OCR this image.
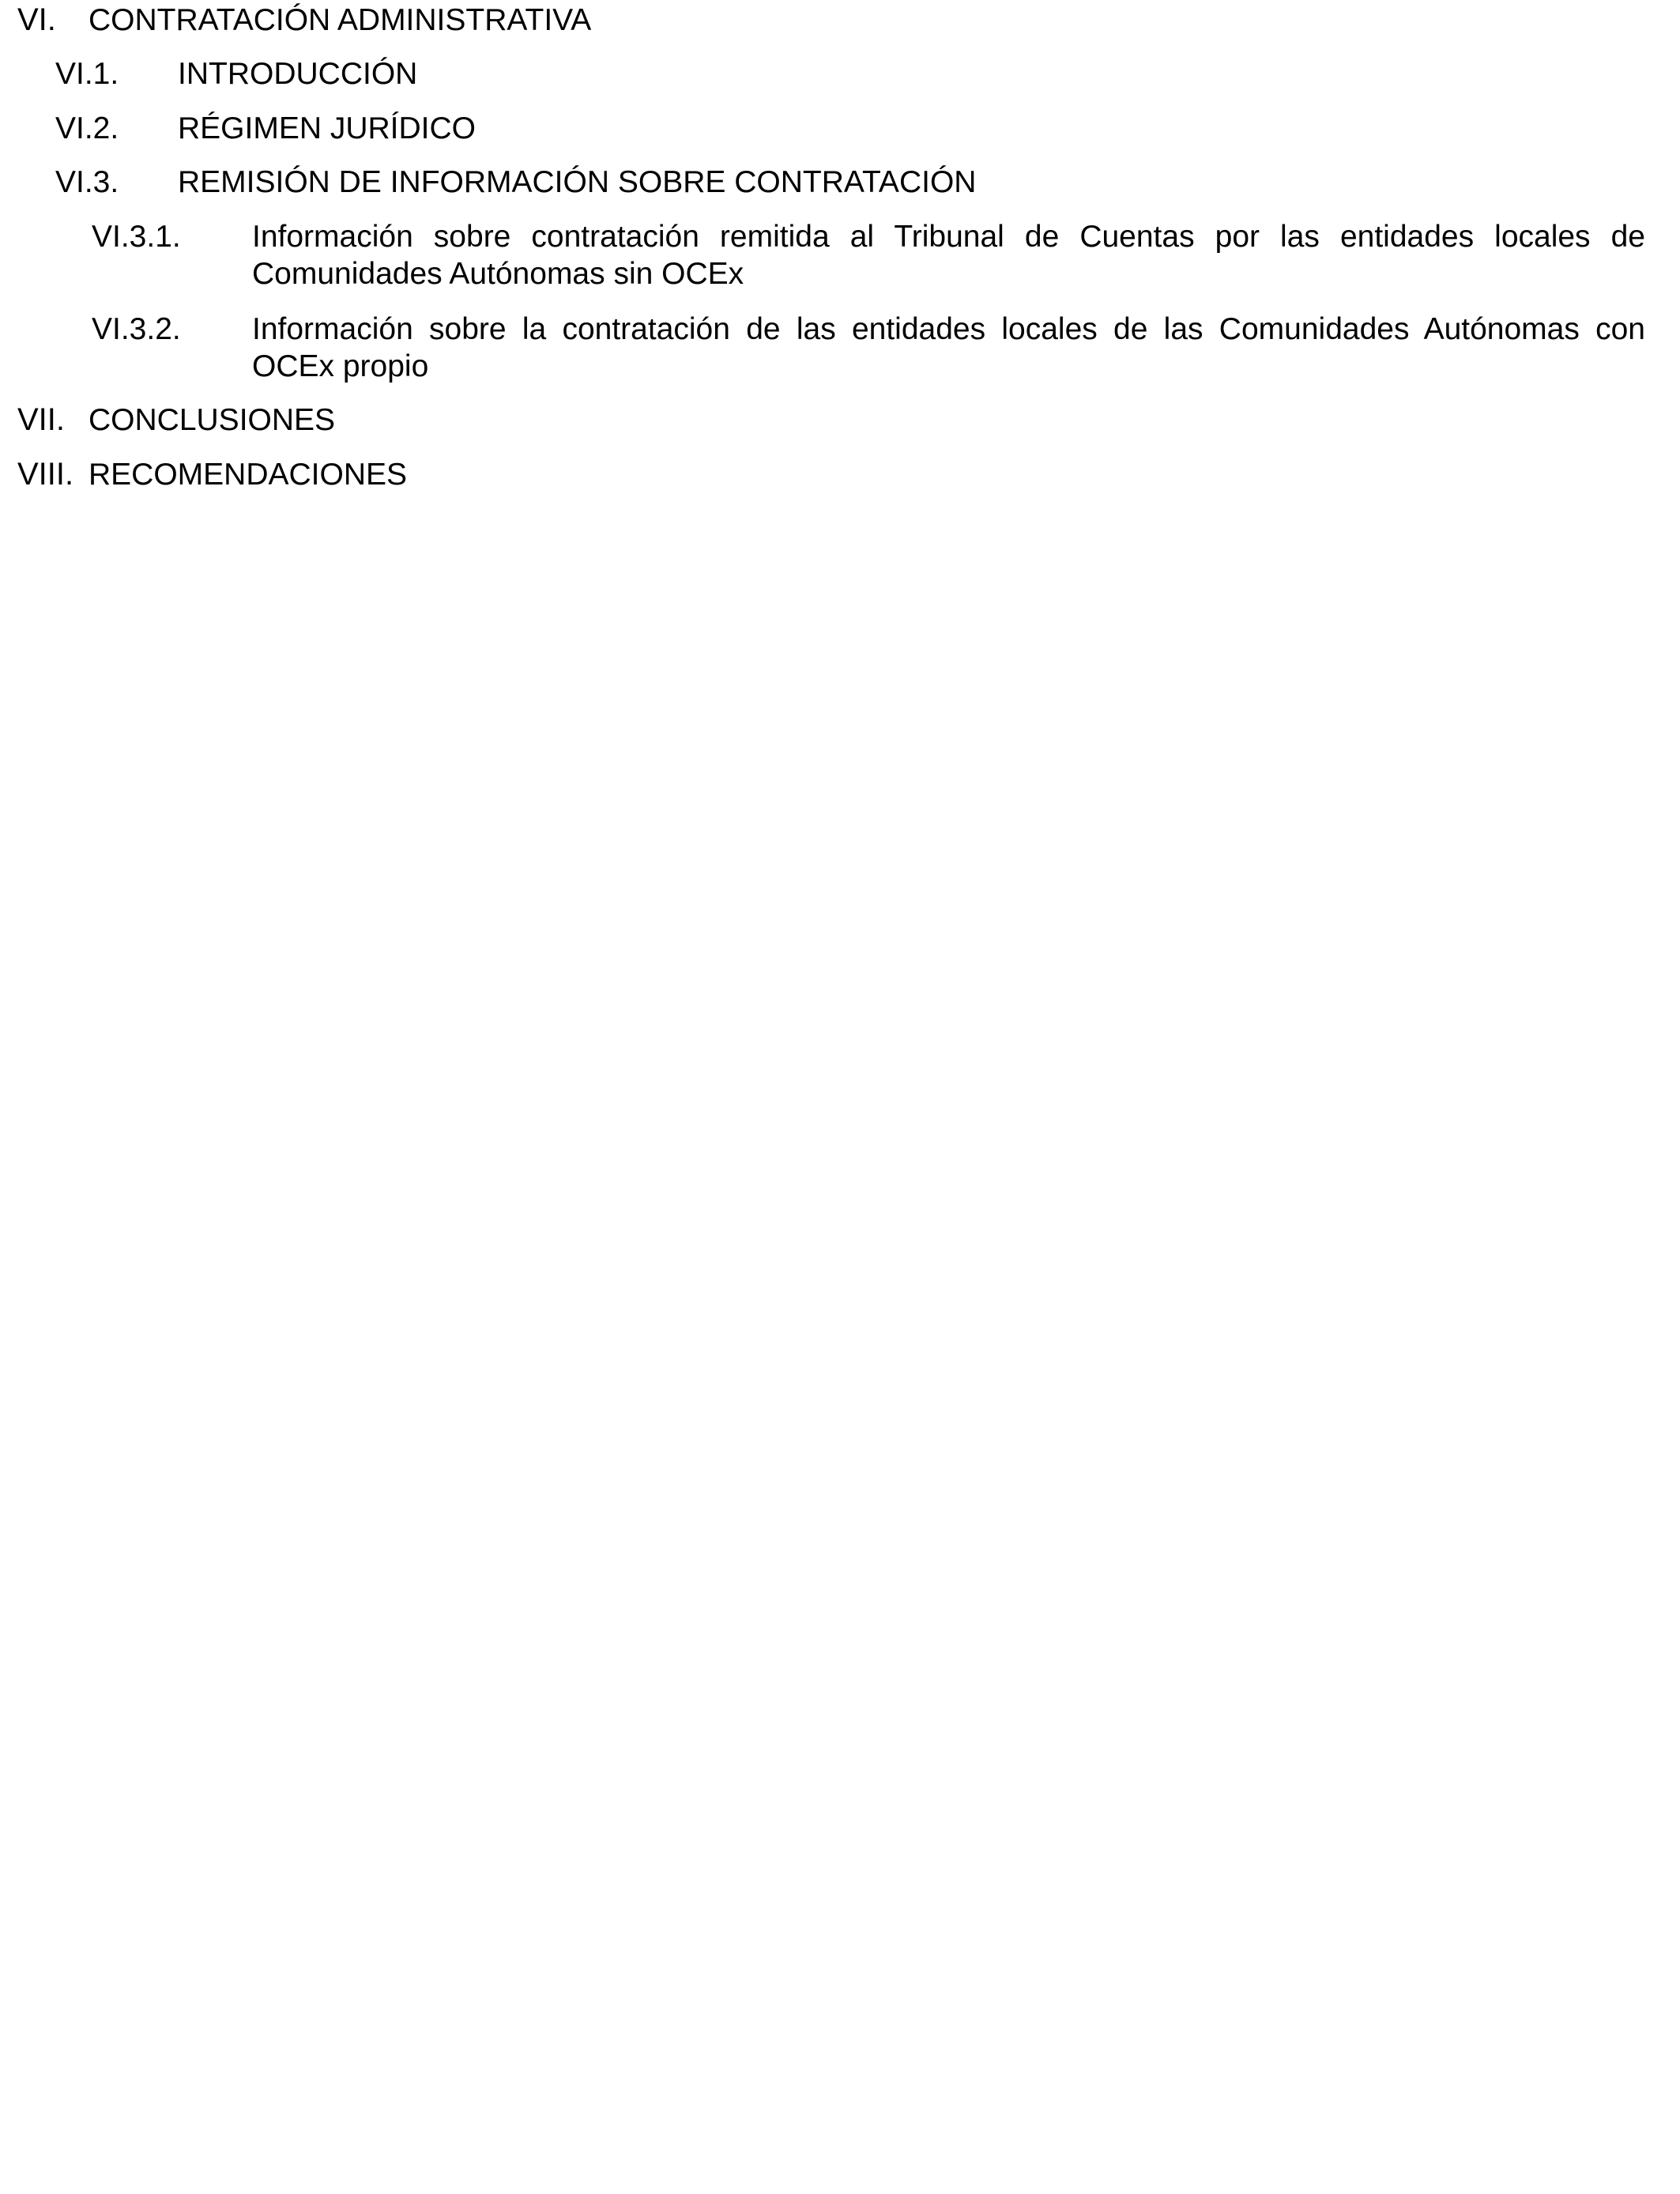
VI.	CONTRATACIÓN ADMINISTRATIVA
VI.1.	INTRODUCCIÓN
VI.2.	RÉGIMEN JURÍDICO
VI.3.	REMISIÓN DE INFORMACIÓN SOBRE CONTRATACIÓN
VI.3.1.	Información sobre contratación remitida al Tribunal de Cuentas por las entidades locales de Comunidades Autónomas sin OCEx
VI.3.2.	Información sobre la contratación de las entidades locales de las Comunidades Autónomas con OCEx propio
VII. CONCLUSIONES
VIII. RECOMENDACIONES
